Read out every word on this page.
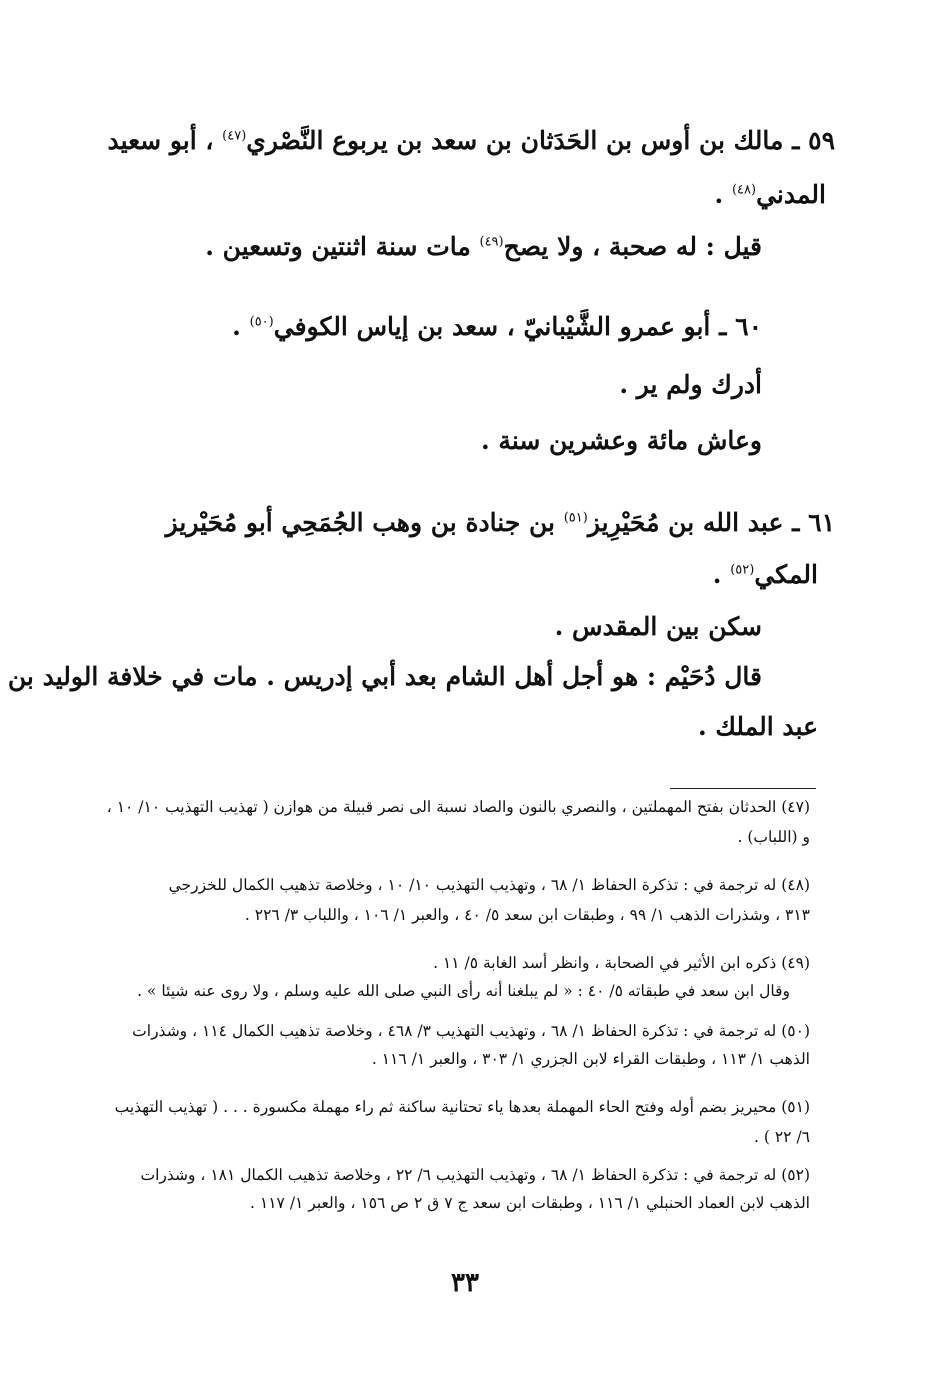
٥٩ ـ مالك بن أوس بن الحَدَثان بن سعد بن يربوع النَّصْري$^{(٤٧)}$ ، أبو سعيد
المدني$^{(٤٨)}$ .
قيل : له صحبة ، ولا يصح$^{(٤٩)}$ مات سنة اثنتين وتسعين .
٦٠ ـ أبو عمرو الشَّيْبانيّ ، سعد بن إياس الكوفي$^{(٥٠)}$ .
أدرك ولم ير .
وعاش مائة وعشرين سنة .
٦١ ـ عبد الله بن مُحَيْرِيز$^{(٥١)}$ بن جنادة بن وهب الجُمَحِي أبو مُحَيْريز
المكي$^{(٥٢)}$ .
سكن بين المقدس .
قال دُحَيْم : هو أجل أهل الشام بعد أبي إدريس . مات في خلافة الوليد بن
عبد الملك .
(٤٧) الحدثان بفتح المهملتين ، والنصري بالنون والصاد نسبة الى نصر قبيلة من هوازن ( تهذيب التهذيب ١٠/ ١٠ ،
و (اللباب) .
(٤٨) له ترجمة في : تذكرة الحفاظ ١/ ٦٨ ، وتهذيب التهذيب ١٠/ ١٠ ، وخلاصة تذهيب الكمال للخزرجي
٣١٣ ، وشذرات الذهب ١/ ٩٩ ، وطبقات ابن سعد ٥/ ٤٠ ، والعبر ١/ ١٠٦ ، واللباب ٣/ ٢٢٦ .
(٤٩) ذكره ابن الأثير في الصحابة ، وانظر أسد الغابة ٥/ ١١ .
وقال ابن سعد في طبقاته ٥/ ٤٠ : « لم يبلغنا أنه رأى النبي صلى الله عليه وسلم ، ولا روى عنه شيئا » .
(٥٠) له ترجمة في : تذكرة الحفاظ ١/ ٦٨ ، وتهذيب التهذيب ٣/ ٤٦٨ ، وخلاصة تذهيب الكمال ١١٤ ، وشذرات
الذهب ١/ ١١٣ ، وطبقات القراء لابن الجزري ١/ ٣٠٣ ، والعبر ١/ ١١٦ .
(٥١) محيريز بضم أوله وفتح الحاء المهملة بعدها ياء تحتانية ساكنة ثم راء مهملة مكسورة . . . ( تهذيب التهذيب
٦/ ٢٢ ) .
(٥٢) له ترجمة في : تذكرة الحفاظ ١/ ٦٨ ، وتهذيب التهذيب ٦/ ٢٢ ، وخلاصة تذهيب الكمال ١٨١ ، وشذرات
الذهب لابن العماد الحنبلي ١/ ١١٦ ، وطبقات ابن سعد ج ٧ ق ٢ ص ١٥٦ ، والعبر ١/ ١١٧ .
٣٣
